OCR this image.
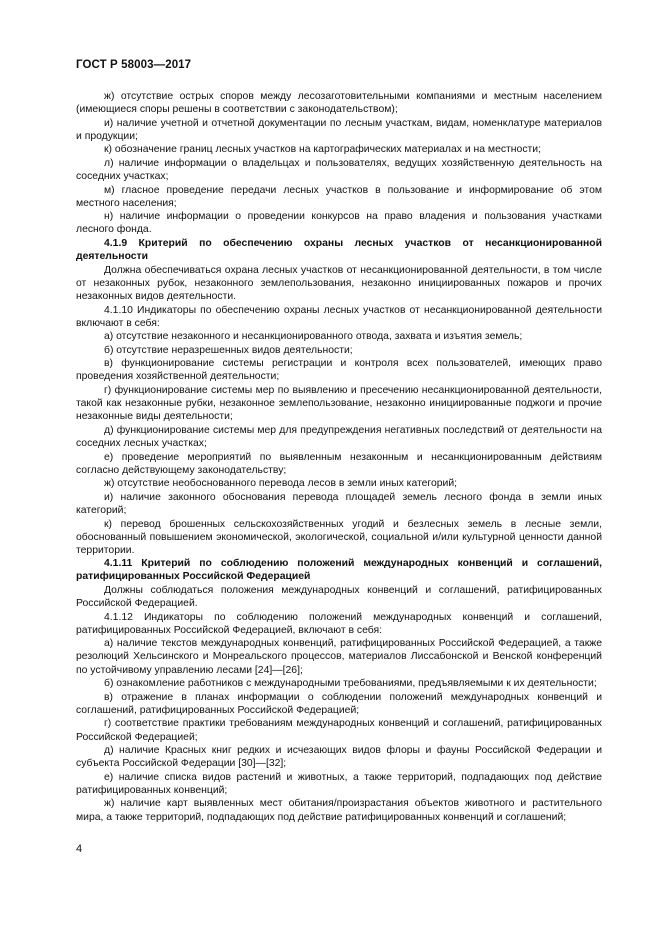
ГОСТ Р 58003—2017

ж) отсутствие острых споров между лесозаготовительными компаниями и местным населением (имеющиеся споры решены в соответствии с законодательством);

и) наличие учетной и отчетной документации по лесным участкам, видам, номенклатуре материалов и продукции;

к) обозначение границ лесных участков на картографических материалах и на местности;

л) наличие информации о владельцах и пользователях, ведущих хозяйственную деятельность на соседних участках;

м) гласное проведение передачи лесных участков в пользование и информирование об этом местного населения;

н) наличие информации о проведении конкурсов на право владения и пользования участками лесного фонда.

4.1.9 Критерий по обеспечению охраны лесных участков от несанкционированной деятельности

Должна обеспечиваться охрана лесных участков от несанкционированной деятельности, в том числе от незаконных рубок, незаконного землепользования, незаконно инициированных пожаров и прочих незаконных видов деятельности.

4.1.10 Индикаторы по обеспечению охраны лесных участков от несанкционированной деятельности включают в себя:

а) отсутствие незаконного и несанкционированного отвода, захвата и изъятия земель;

б) отсутствие неразрешенных видов деятельности;

в) функционирование системы регистрации и контроля всех пользователей, имеющих право проведения хозяйственной деятельности;

г) функционирование системы мер по выявлению и пресечению несанкционированной деятельности, такой как незаконные рубки, незаконное землепользование, незаконно инициированные поджоги и прочие незаконные виды деятельности;

д) функционирование системы мер для предупреждения негативных последствий от деятельности на соседних лесных участках;

е) проведение мероприятий по выявленным незаконным и несанкционированным действиям согласно действующему законодательству;

ж) отсутствие необоснованного перевода лесов в земли иных категорий;

и) наличие законного обоснования перевода площадей земель лесного фонда в земли иных категорий;

к) перевод брошенных сельскохозяйственных угодий и безлесных земель в лесные земли, обоснованный повышением экономической, экологической, социальной и/или культурной ценности данной территории.

4.1.11 Критерий по соблюдению положений международных конвенций и соглашений, ратифицированных Российской Федерацией

Должны соблюдаться положения международных конвенций и соглашений, ратифицированных Российской Федерацией.

4.1.12 Индикаторы по соблюдению положений международных конвенций и соглашений, ратифицированных Российской Федерацией, включают в себя:

а) наличие текстов международных конвенций, ратифицированных Российской Федерацией, а также резолюций Хельсинского и Монреальского процессов, материалов Лиссабонской и Венской конференций по устойчивому управлению лесами [24]—[26];

б) ознакомление работников с международными требованиями, предъявляемыми к их деятельности;

в) отражение в планах информации о соблюдении положений международных конвенций и соглашений, ратифицированных Российской Федерацией;

г) соответствие практики требованиям международных конвенций и соглашений, ратифицированных Российской Федерацией;

д) наличие Красных книг редких и исчезающих видов флоры и фауны Российской Федерации и субъекта Российской Федерации [30]—[32];

е) наличие списка видов растений и животных, а также территорий, подпадающих под действие ратифицированных конвенций;

ж) наличие карт выявленных мест обитания/произрастания объектов животного и растительного мира, а также территорий, подпадающих под действие ратифицированных конвенций и соглашений;

4
